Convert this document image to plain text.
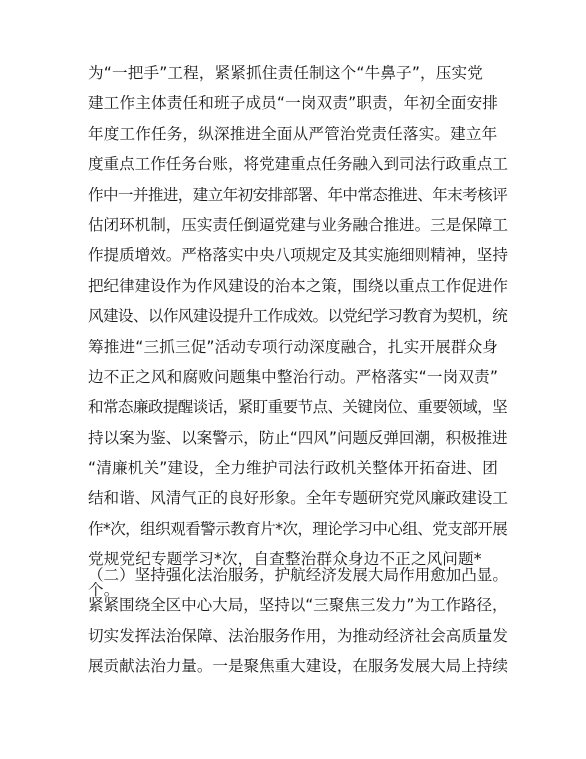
为“一把手”工程，紧紧抓住责任制这个“牛鼻子”，压实党
建工作主体责任和班子成员“一岗双责”职责，年初全面安排
年度工作任务，纵深推进全面从严管治党责任落实。建立年
度重点工作任务台账，将党建重点任务融入到司法行政重点工
作中一并推进，建立年初安排部署、年中常态推进、年末考核评
估闭环机制，压实责任倒逼党建与业务融合推进。三是保障工
作提质增效。严格落实中央八项规定及其实施细则精神，坚持
把纪律建设作为作风建设的治本之策，围绕以重点工作促进作
风建设、以作风建设提升工作成效。以党纪学习教育为契机，统
筹推进“三抓三促”活动专项行动深度融合，扎实开展群众身
边不正之风和腐败问题集中整治行动。严格落实“一岗双责”
和常态廉政提醒谈话，紧盯重要节点、关键岗位、重要领域，坚
持以案为鉴、以案警示，防止“四风”问题反弹回潮，积极推进
“清廉机关”建设，全力维护司法行政机关整体开拓奋进、团
结和谐、风清气正的良好形象。全年专题研究党风廉政建设工
作*次，组织观看警示教育片*次，理论学习中心组、党支部开展
党规党纪专题学习*次，自查整治群众身边不正之风问题*
个。
（二）坚持强化法治服务，护航经济发展大局作用愈加凸显。
紧紧围绕全区中心大局，坚持以“三聚焦三发力”为工作路径，
切实发挥法治保障、法治服务作用，为推动经济社会高质量发
展贡献法治力量。一是聚焦重大建设，在服务发展大局上持续
